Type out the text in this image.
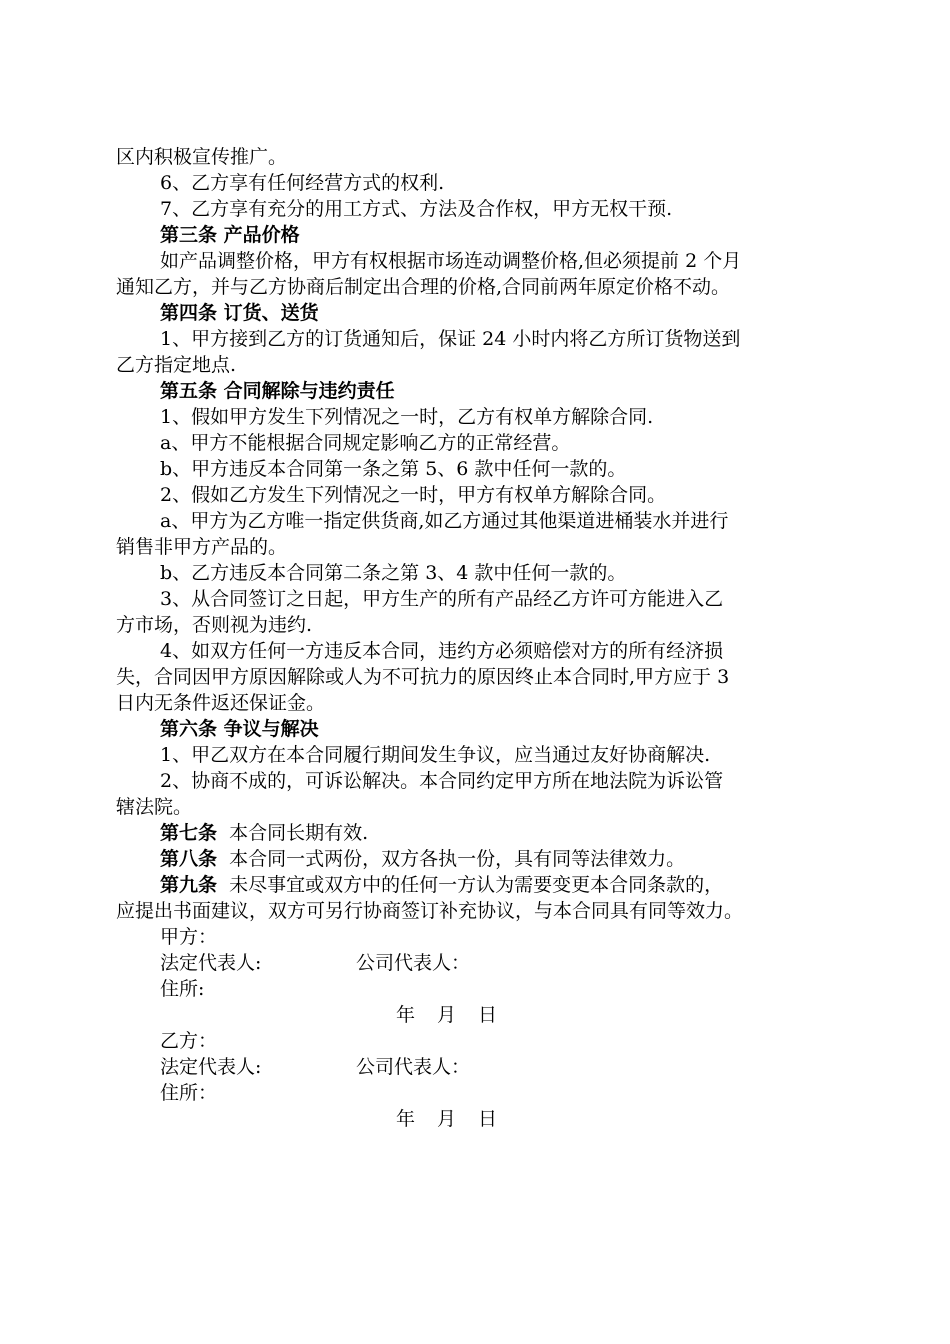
区内积极宣传推广。

6、乙方享有任何经营方式的权利.

7、乙方享有充分的用工方式、方法及合作权，甲方无权干预.

第三条 产品价格

如产品调整价格，甲方有权根据市场连动调整价格,但必须提前 2 个月

通知乙方，并与乙方协商后制定出合理的价格,合同前两年原定价格不动。

第四条 订货、送货

1、甲方接到乙方的订货通知后，保证 24 小时内将乙方所订货物送到

乙方指定地点.

第五条 合同解除与违约责任

1、假如甲方发生下列情况之一时，乙方有权单方解除合同.

a、甲方不能根据合同规定影响乙方的正常经营。

b、甲方违反本合同第一条之第 5、6 款中任何一款的。

2、假如乙方发生下列情况之一时，甲方有权单方解除合同。

a、甲方为乙方唯一指定供货商,如乙方通过其他渠道进桶装水并进行

销售非甲方产品的。

b、乙方违反本合同第二条之第 3、4 款中任何一款的。

3、从合同签订之日起，甲方生产的所有产品经乙方许可方能进入乙

方市场，否则视为违约.

4、如双方任何一方违反本合同，违约方必须赔偿对方的所有经济损

失，合同因甲方原因解除或人为不可抗力的原因终止本合同时,甲方应于 3

日内无条件返还保证金。

第六条 争议与解决

1、甲乙双方在本合同履行期间发生争议，应当通过友好协商解决.

2、协商不成的，可诉讼解决。本合同约定甲方所在地法院为诉讼管

辖法院。

第七条  本合同长期有效.

第八条  本合同一式两份，双方各执一份，具有同等法律效力。

第九条  未尽事宜或双方中的任何一方认为需要变更本合同条款的，

应提出书面建议，双方可另行协商签订补充协议，与本合同具有同等效力。

甲方：

法定代表人:	公司代表人：

住所:

年 月 日

乙方：

法定代表人:	公司代表人：

住所：

年 月 日
